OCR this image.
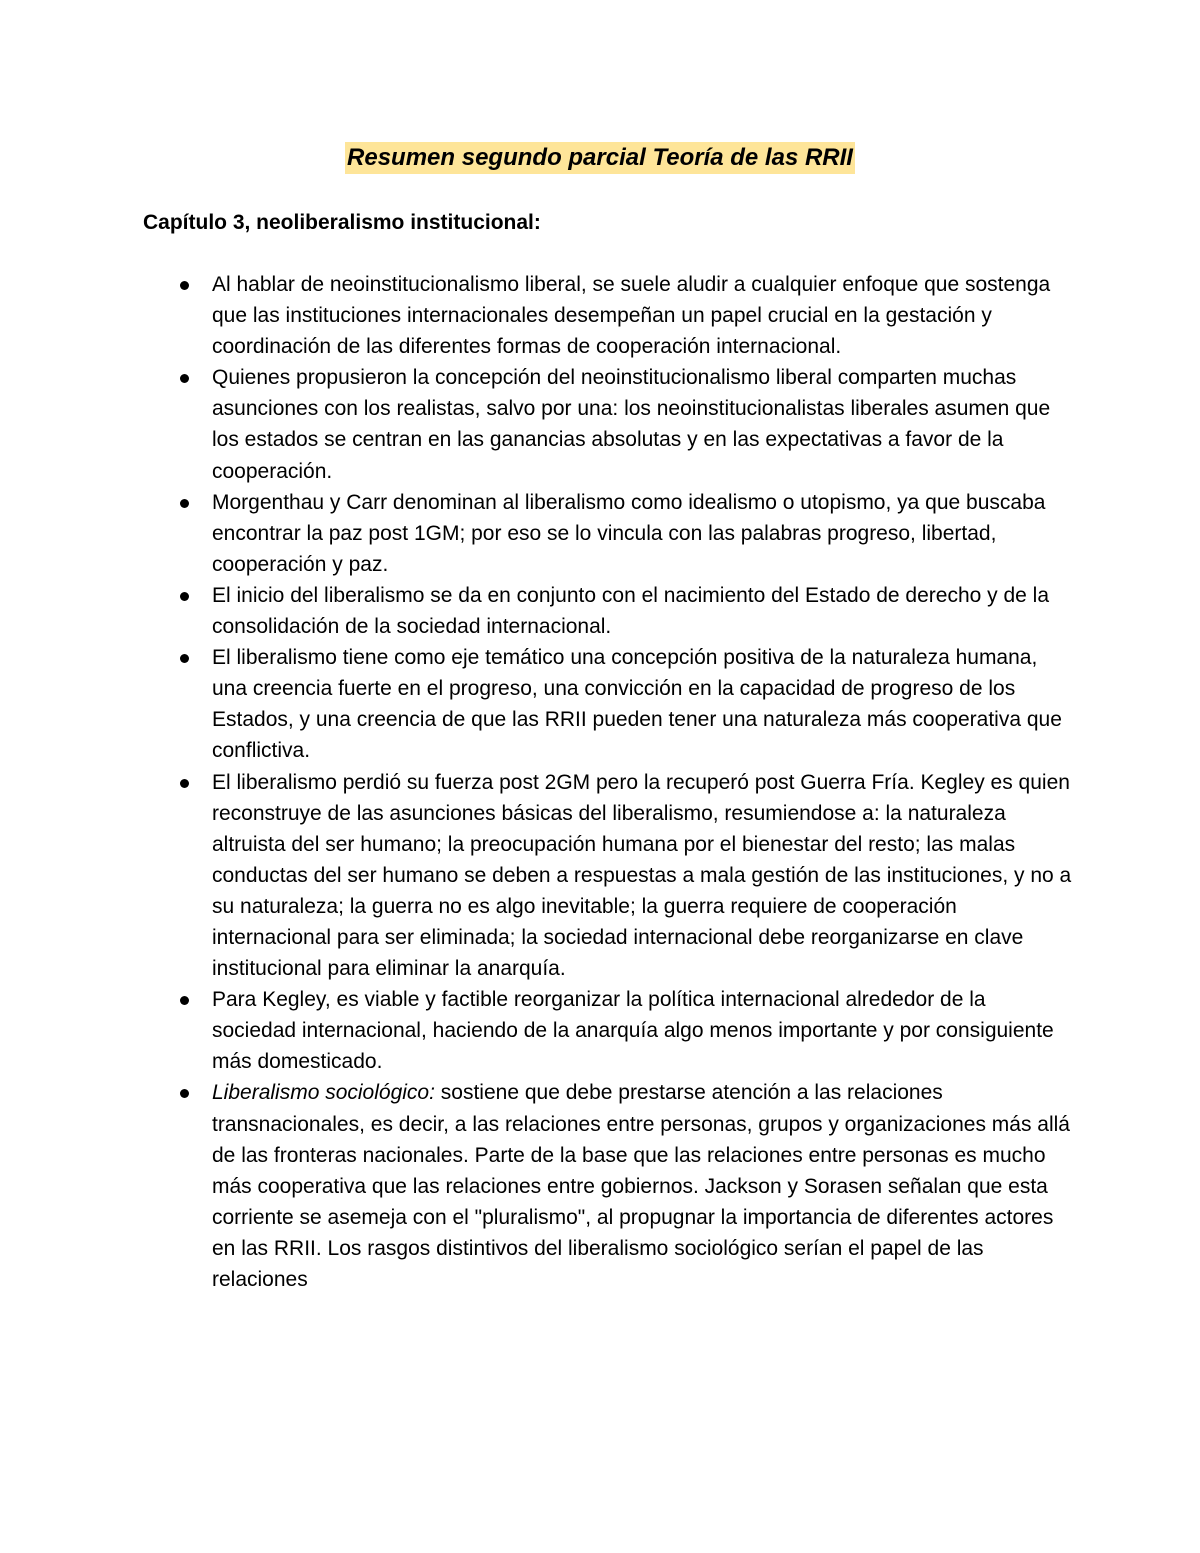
Resumen segundo parcial Teoría de las RRII
Capítulo 3, neoliberalismo institucional:
Al hablar de neoinstitucionalismo liberal, se suele aludir a cualquier enfoque que sostenga que las instituciones internacionales desempeñan un papel crucial en la gestación y coordinación de las diferentes formas de cooperación internacional.
Quienes propusieron la concepción del neoinstitucionalismo liberal comparten muchas asunciones con los realistas, salvo por una: los neoinstitucionalistas liberales asumen que los estados se centran en las ganancias absolutas y en las expectativas a favor de la cooperación.
Morgenthau y Carr denominan al liberalismo como idealismo o utopismo, ya que buscaba encontrar la paz post 1GM; por eso se lo vincula con las palabras progreso, libertad, cooperación y paz.
El inicio del liberalismo se da en conjunto con el nacimiento del Estado de derecho y de la consolidación de la sociedad internacional.
El liberalismo tiene como eje temático una concepción positiva de la naturaleza humana, una creencia fuerte en el progreso, una convicción en la capacidad de progreso de los Estados, y una creencia de que las RRII pueden tener una naturaleza más cooperativa que conflictiva.
El liberalismo perdió su fuerza post 2GM pero la recuperó post Guerra Fría. Kegley es quien reconstruye de las asunciones básicas del liberalismo, resumiendose a: la naturaleza altruista del ser humano; la preocupación humana por el bienestar del resto; las malas conductas del ser humano se deben a respuestas a mala gestión de las instituciones, y no a su naturaleza; la guerra no es algo inevitable; la guerra requiere de cooperación internacional para ser eliminada; la sociedad internacional debe reorganizarse en clave institucional para eliminar la anarquía.
Para Kegley, es viable y factible reorganizar la política internacional alrededor de la sociedad internacional, haciendo de la anarquía algo menos importante y por consiguiente más domesticado.
Liberalismo sociológico: sostiene que debe prestarse atención a las relaciones transnacionales, es decir, a las relaciones entre personas, grupos y organizaciones más allá de las fronteras nacionales. Parte de la base que las relaciones entre personas es mucho más cooperativa que las relaciones entre gobiernos. Jackson y Sorasen señalan que esta corriente se asemeja con el "pluralismo", al propugnar la importancia de diferentes actores en las RRII. Los rasgos distintivos del liberalismo sociológico serían el papel de las relaciones
